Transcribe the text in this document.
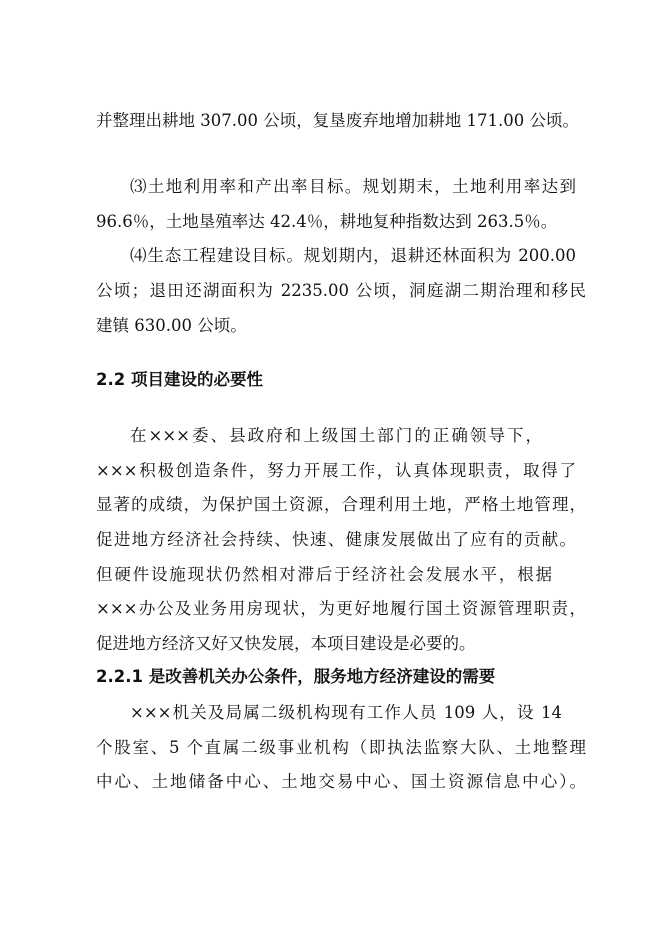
并整理出耕地 307.00 公顷，复垦废弃地增加耕地 171.00 公顷。
⑶土地利用率和产出率目标。规划期末，土地利用率达到
96.6％，土地垦殖率达 42.4％，耕地复种指数达到 263.5％。
⑷生态工程建设目标。规划期内，退耕还林面积为 200.00
公顷；退田还湖面积为 2235.00 公顷，洞庭湖二期治理和移民
建镇 630.00 公顷。
2.2 项目建设的必要性
在×××委、县政府和上级国土部门的正确领导下，
×××积极创造条件，努力开展工作，认真体现职责，取得了
显著的成绩，为保护国土资源，合理利用土地，严格土地管理，
促进地方经济社会持续、快速、健康发展做出了应有的贡献。
但硬件设施现状仍然相对滞后于经济社会发展水平，根据
×××办公及业务用房现状，为更好地履行国土资源管理职责，
促进地方经济又好又快发展，本项目建设是必要的。
2.2.1 是改善机关办公条件，服务地方经济建设的需要
×××机关及局属二级机构现有工作人员 109 人，设 14
个股室、5 个直属二级事业机构（即执法监察大队、土地整理
中心、土地储备中心、土地交易中心、国土资源信息中心）。
